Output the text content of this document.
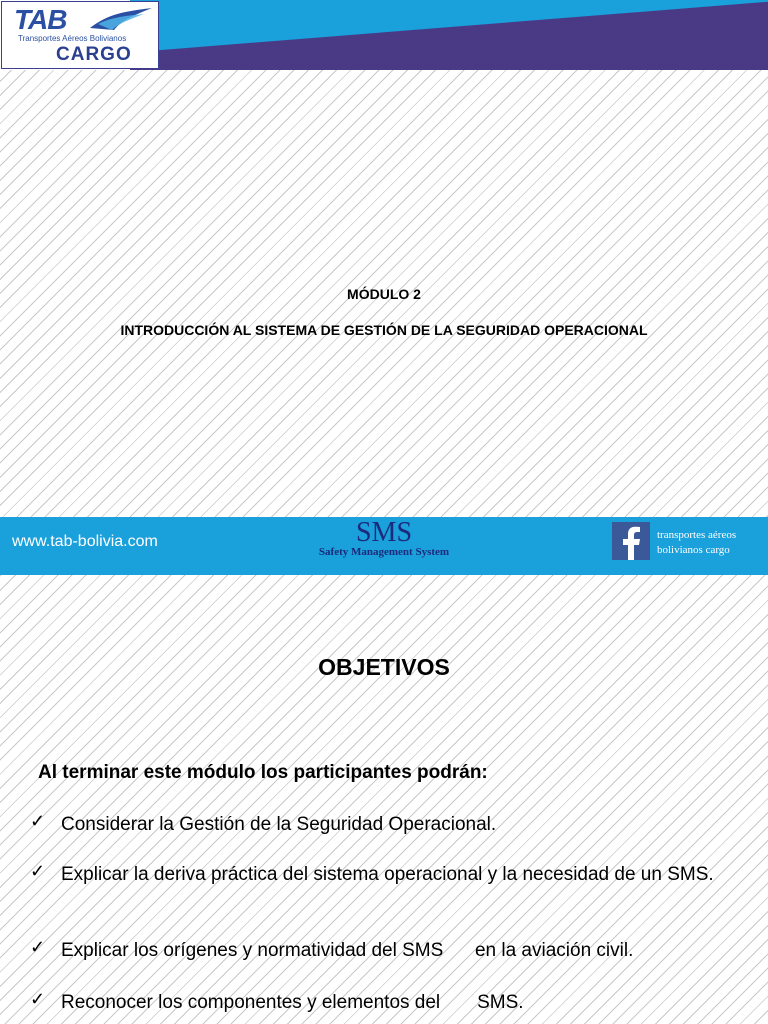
TAB
Transportes Aéreos Bolivianos
CARGO
MÓDULO 2
INTRODUCCIÓN AL SISTEMA DE GESTIÓN DE LA SEGURIDAD OPERACIONAL
www.tab-bolivia.com	SMS
Safety Management System
transportes aéreos bolivianos cargo
OBJETIVOS
Al terminar este módulo los participantes podrán:
✓ Considerar la Gestión de la Seguridad Operacional.
✓ Explicar la deriva práctica del sistema operacional y la necesidad de un SMS.
✓ Explicar los orígenes y normatividad del SMS      en la aviación civil.
✓ Reconocer los componentes y elementos del       SMS.
